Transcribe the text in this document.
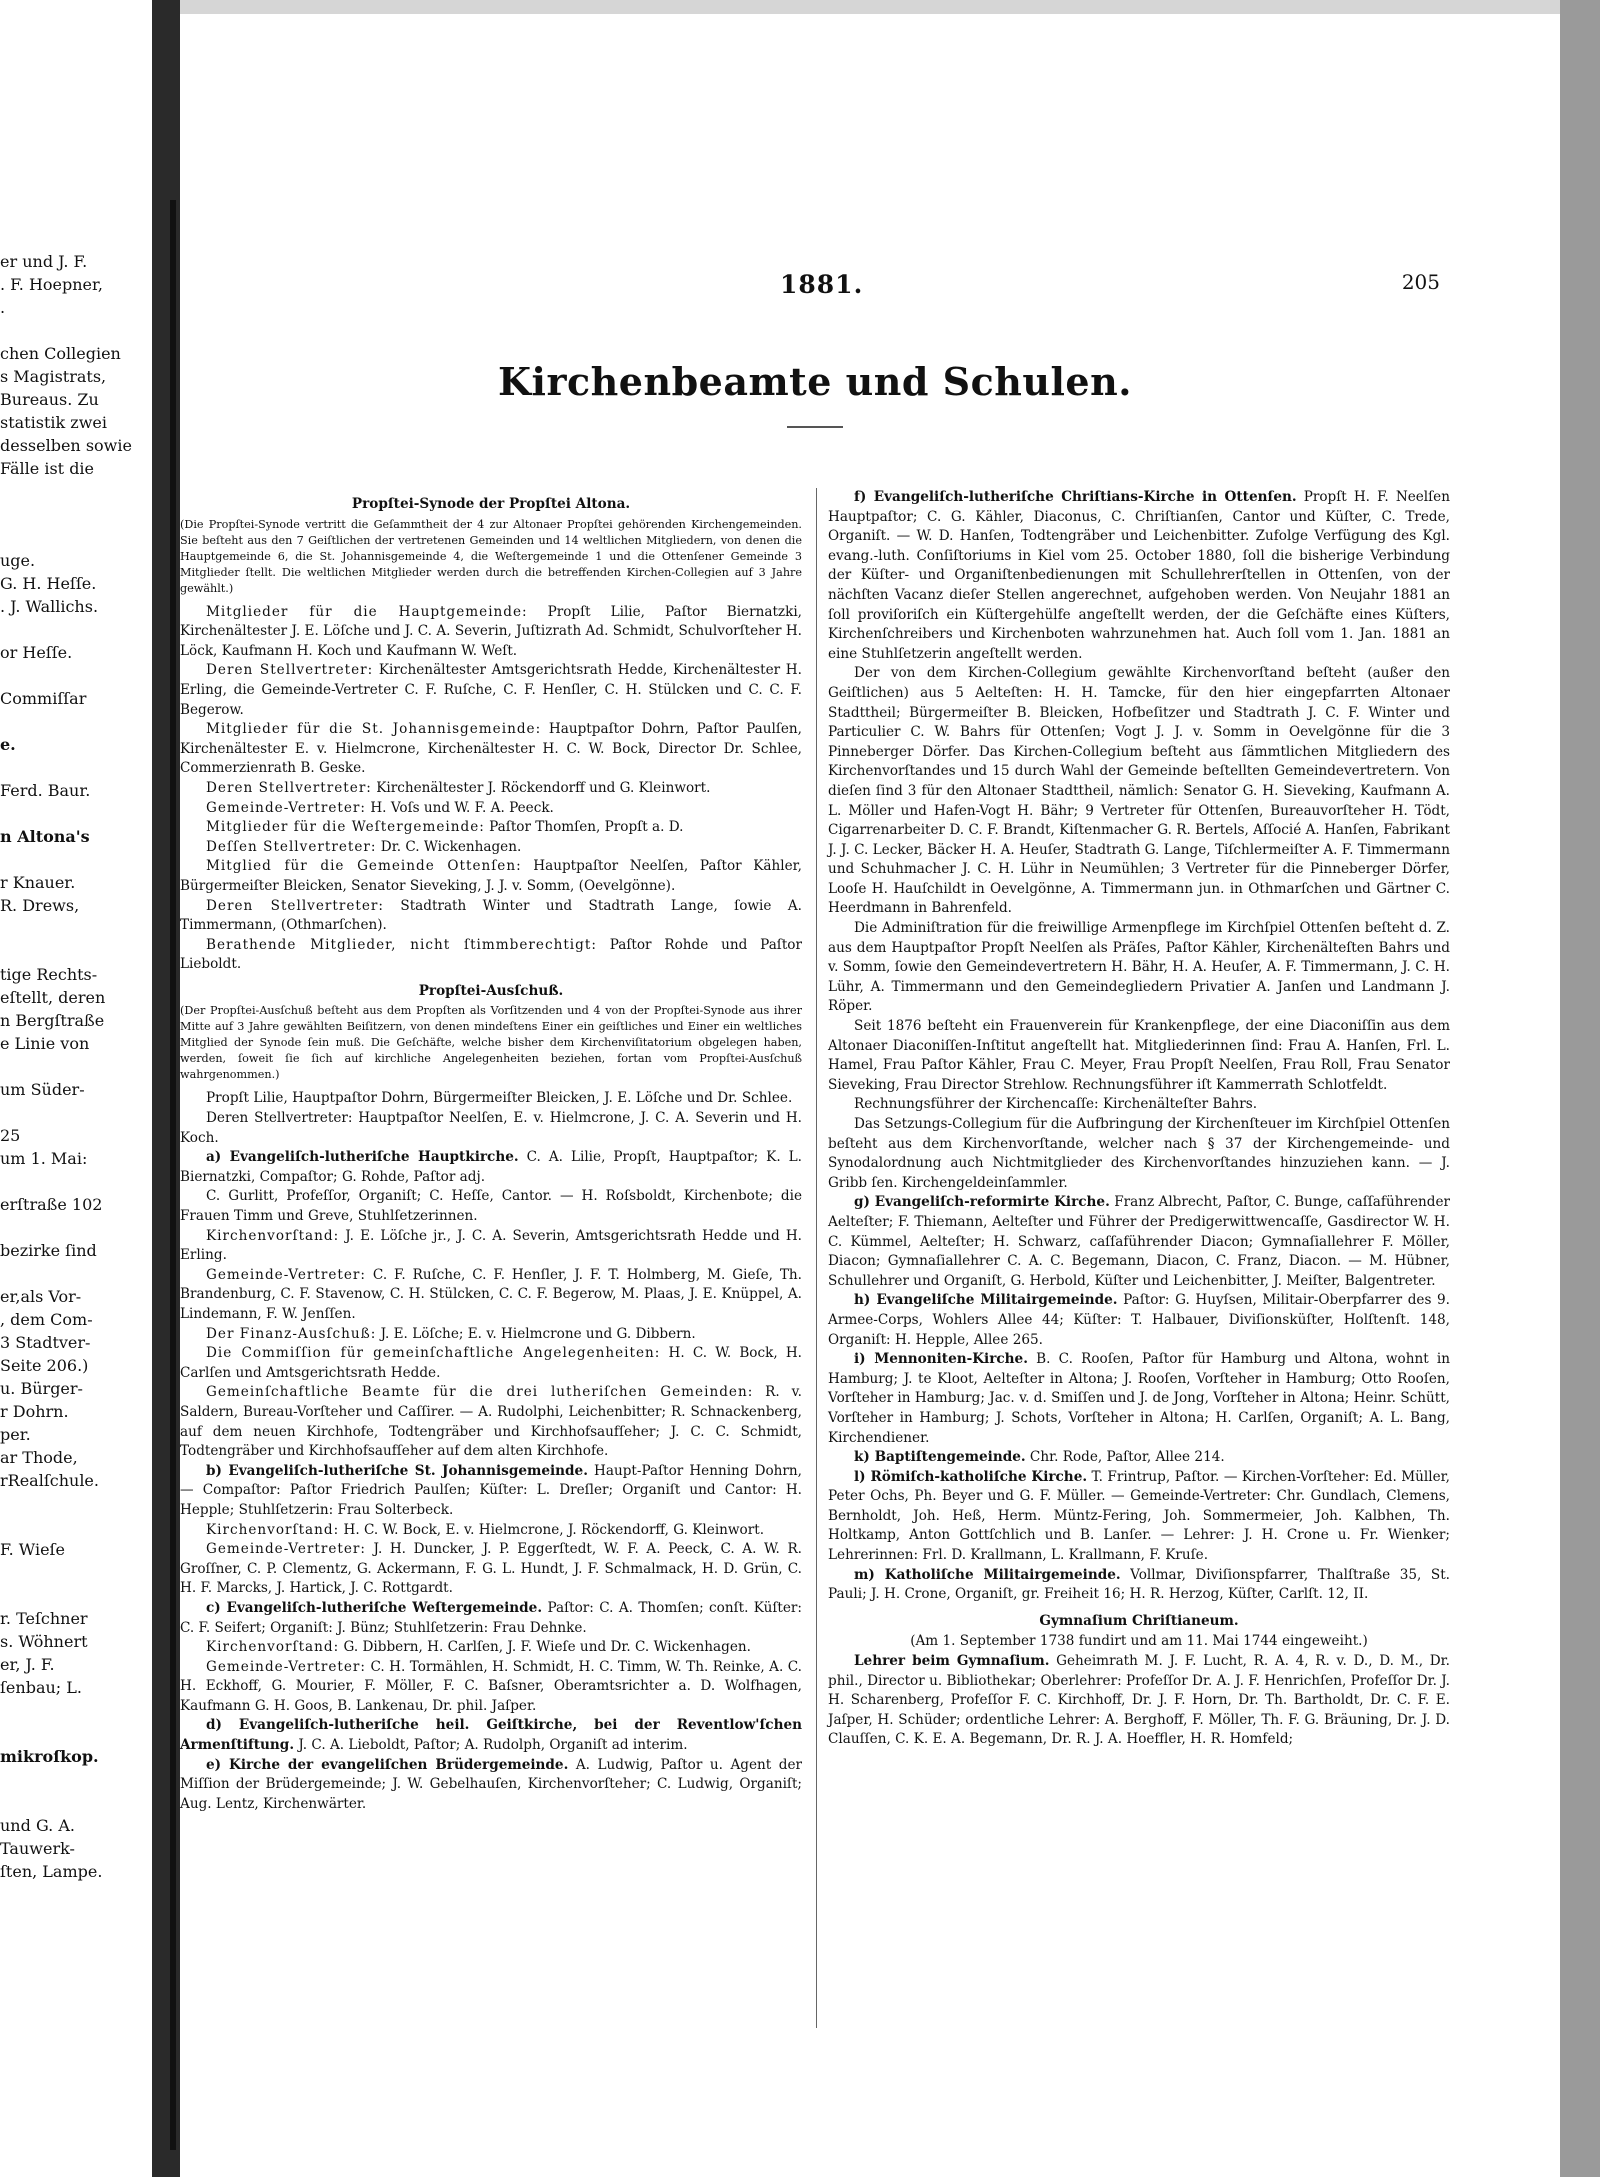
er und J. F.
. F. Hoepner,
.

chen Collegien
s Magistrats,
Bureaus. Zu
statistik zwei
desselben sowie
Fälle ist die

uge.
G. H. Heſſe.
. J. Wallichs.

or Heſſe.

Commiſſar

e.

Ferd. Baur.

n Altona's

r Knauer.
R. Drews,

tige Rechts-
eſtellt, deren
n Bergſtraße
e Linie von

um Süder-

25
um 1. Mai:

erſtraße 102

bezirke ſind

er,als Vor-
, dem Com-
3 Stadtver-
Seite 206.)
u. Bürger-
r Dohrn.
per.
ar Thode,
rRealſchule.

F. Wieſe

r. Teſchner
s. Wöhnert
er, J. F.
ſenbau; L.

mikroſkop.

und G. A.
Tauwerk-
ſten, Lampe.
1881.	205
Kirchenbeamte und Schulen.
Propſtei-Synode der Propſtei Altona.
(Die Propſtei-Synode vertritt die Geſammtheit der 4 zur Altonaer Propſtei gehörenden Kirchengemeinden. Sie beſteht aus den 7 Geiſtlichen der vertretenen Gemeinden und 14 weltlichen Mitgliedern, von denen die Hauptgemeinde 6, die St. Johannisgemeinde 4, die Weſtergemeinde 1 und die Ottenſener Gemeinde 3 Mitglieder ſtellt. Die weltlichen Mitglieder werden durch die betreffenden Kirchen-Collegien auf 3 Jahre gewählt.)

Mitglieder für die Hauptgemeinde: Propſt Lilie, Paſtor Biernatzki, Kirchenältester J. E. Löſche und J. C. A. Severin, Juſtizrath Ad. Schmidt, Schulvorſteher H. Löck, Kaufmann H. Koch und Kaufmann W. Weſt.

Deren Stellvertreter: Kirchenältester Amtsgerichtsrath Hedde, Kirchenältester H. Erling, die Gemeinde-Vertreter C. F. Ruſche, C. F. Henſler, C. H. Stülcken und C. C. F. Begerow.

Mitglieder für die St. Johannisgemeinde: Hauptpaſtor Dohrn, Paſtor Paulſen, Kirchenältester E. v. Hielmcrone, Kirchenältester H. C. W. Bock, Director Dr. Schlee, Commerzienrath B. Geske.

Deren Stellvertreter: Kirchenältester J. Röckendorff und G. Kleinwort.

Gemeinde-Vertreter: H. Voſs und W. F. A. Peeck.

Mitglieder für die Weſtergemeinde: Paſtor Thomſen, Propſt a. D.

Deſſen Stellvertreter: Dr. C. Wickenhagen.

Mitglied für die Gemeinde Ottenſen: Hauptpaſtor Neelſen, Paſtor Kähler, Bürgermeiſter Bleicken, Senator Sieveking, J. J. v. Somm, (Oevelgönne).

Deren Stellvertreter: Stadtrath Winter und Stadtrath Lange, ſowie A. Timmermann, (Othmarſchen).

Berathende Mitglieder, nicht ſtimmberechtigt: Paſtor Rohde und Paſtor Lieboldt.

Propſtei-Ausſchuß.
(Der Propſtei-Ausſchuß beſteht aus dem Propſten als Vorſitzenden und 4 von der Propſtei-Synode aus ihrer Mitte auf 3 Jahre gewählten Beiſitzern, von denen mindeſtens Einer ein geiſtliches und Einer ein weltliches Mitglied der Synode ſein muß. Die Geſchäfte, welche bisher dem Kirchenviſitatorium obgelegen haben, werden, ſoweit ſie ſich auf kirchliche Angelegenheiten beziehen, fortan vom Propſtei-Ausſchuß wahrgenommen.)

Propſt Lilie, Hauptpaſtor Dohrn, Bürgermeiſter Bleicken, J. E. Löſche und Dr. Schlee.

Deren Stellvertreter: Hauptpaſtor Neelſen, E. v. Hielmcrone, J. C. A. Severin und H. Koch.

a) Evangeliſch-lutheriſche Hauptkirche. C. A. Lilie, Propſt, Hauptpaſtor; K. L. Biernatzki, Compaſtor; G. Rohde, Paſtor adj.

C. Gurlitt, Profeſſor, Organiſt; C. Heſſe, Cantor. — H. Roſsboldt, Kirchenbote; die Frauen Timm und Greve, Stuhlſetzerinnen.

Kirchenvorſtand: J. E. Löſche jr., J. C. A. Severin, Amtsgerichtsrath Hedde und H. Erling.

Gemeinde-Vertreter: C. F. Ruſche, C. F. Henſler, J. F. T. Holmberg, M. Gieſe, Th. Brandenburg, C. F. Stavenow, C. H. Stülcken, C. C. F. Begerow, M. Plaas, J. E. Knüppel, A. Lindemann, F. W. Jenſſen.

Der Finanz-Ausſchuß: J. E. Löſche; E. v. Hielmcrone und G. Dibbern.

Die Commiſſion für gemeinſchaftliche Angelegenheiten: H. C. W. Bock, H. Carlſen und Amtsgerichtsrath Hedde.

Gemeinſchaftliche Beamte für die drei lutheriſchen Gemeinden: R. v. Saldern, Bureau-Vorſteher und Caſſirer. — A. Rudolphi, Leichenbitter; R. Schnackenberg, auf dem neuen Kirchhofe, Todtengräber und Kirchhofsaufſeher; J. C. C. Schmidt, Todtengräber und Kirchhofsaufſeher auf dem alten Kirchhofe.

b) Evangeliſch-lutheriſche St. Johannisgemeinde. Haupt-Paſtor Henning Dohrn, — Compaſtor: Paſtor Friedrich Paulſen; Küſter: L. Dreſler; Organiſt und Cantor: H. Hepple; Stuhlſetzerin: Frau Solterbeck.

Kirchenvorſtand: H. C. W. Bock, E. v. Hielmcrone, J. Röckendorff, G. Kleinwort.

Gemeinde-Vertreter: J. H. Duncker, J. P. Eggerſtedt, W. F. A. Peeck, C. A. W. R. Groſſner, C. P. Clementz, G. Ackermann, F. G. L. Hundt, J. F. Schmalmack, H. D. Grün, C. H. F. Marcks, J. Hartick, J. C. Rottgardt.

c) Evangeliſch-lutheriſche Weſtergemeinde. Paſtor: C. A. Thomſen; conſt. Küſter: C. F. Seifert; Organiſt: J. Bünz; Stuhlſetzerin: Frau Dehnke.

Kirchenvorſtand: G. Dibbern, H. Carlſen, J. F. Wieſe und Dr. C. Wickenhagen.

Gemeinde-Vertreter: C. H. Tormählen, H. Schmidt, H. C. Timm, W. Th. Reinke, A. C. H. Eckhoff, G. Mourier, F. Möller, F. C. Baſsner, Oberamtsrichter a. D. Wolfhagen, Kaufmann G. H. Goos, B. Lankenau, Dr. phil. Jaſper.

d) Evangeliſch-lutheriſche heil. Geiſtkirche, bei der Reventlow'ſchen Armenſtiftung. J. C. A. Lieboldt, Paſtor; A. Rudolph, Organiſt ad interim.

e) Kirche der evangeliſchen Brüdergemeinde. A. Ludwig, Paſtor u. Agent der Miſſion der Brüdergemeinde; J. W. Gebelhauſen, Kirchenvorſteher; C. Ludwig, Organiſt; Aug. Lentz, Kirchenwärter.

f) Evangeliſch-lutheriſche Chriſtians-Kirche in Ottenſen. Propſt H. F. Neelſen Hauptpaſtor; C. G. Kähler, Diaconus, C. Chriſtianſen, Cantor und Küſter, C. Trede, Organiſt. — W. D. Hanſen, Todtengräber und Leichenbitter. Zufolge Verfügung des Kgl. evang.-luth. Conſiſtoriums in Kiel vom 25. October 1880, ſoll die bisherige Verbindung der Küſter- und Organiſtenbedienungen mit Schullehrerſtellen in Ottenſen, von der nächſten Vacanz dieſer Stellen angerechnet, aufgehoben werden. Von Neujahr 1881 an ſoll proviſoriſch ein Küſtergehülfe angeſtellt werden, der die Geſchäfte eines Küſters, Kirchenſchreibers und Kirchenboten wahrzunehmen hat. Auch ſoll vom 1. Jan. 1881 an eine Stuhlſetzerin angeſtellt werden.

Der von dem Kirchen-Collegium gewählte Kirchenvorſtand beſteht (außer den Geiſtlichen) aus 5 Aelteſten: H. H. Tamcke, für den hier eingepfarrten Altonaer Stadttheil; Bürgermeiſter B. Bleicken, Hofbeſitzer und Stadtrath J. C. F. Winter und Particulier C. W. Bahrs für Ottenſen; Vogt J. J. v. Somm in Oevelgönne für die 3 Pinneberger Dörfer. Das Kirchen-Collegium beſteht aus ſämmtlichen Mitgliedern des Kirchenvorſtandes und 15 durch Wahl der Gemeinde beſtellten Gemeindevertretern. Von dieſen ſind 3 für den Altonaer Stadttheil, nämlich: Senator G. H. Sieveking, Kaufmann A. L. Möller und Hafen-Vogt H. Bähr; 9 Vertreter für Ottenſen, Bureauvorſteher H. Tödt, Cigarrenarbeiter D. C. F. Brandt, Kiſtenmacher G. R. Bertels, Aſſocié A. Hanſen, Fabrikant J. J. C. Lecker, Bäcker H. A. Heuſer, Stadtrath G. Lange, Tiſchlermeiſter A. F. Timmermann und Schuhmacher J. C. H. Lühr in Neumühlen; 3 Vertreter für die Pinneberger Dörfer, Looſe H. Hauſchildt in Oevelgönne, A. Timmermann jun. in Othmarſchen und Gärtner C. Heerdmann in Bahrenfeld.

Die Adminiſtration für die freiwillige Armenpflege im Kirchſpiel Ottenſen beſteht d. Z. aus dem Hauptpaſtor Propſt Neelſen als Präſes, Paſtor Kähler, Kirchenälteſten Bahrs und v. Somm, ſowie den Gemeindevertretern H. Bähr, H. A. Heuſer, A. F. Timmermann, J. C. H. Lühr, A. Timmermann und den Gemeindegliedern Privatier A. Janſen und Landmann J. Röper.

Seit 1876 beſteht ein Frauenverein für Krankenpflege, der eine Diaconiſſin aus dem Altonaer Diaconiſſen-Inſtitut angeſtellt hat. Mitgliederinnen ſind: Frau A. Hanſen, Frl. L. Hamel, Frau Paſtor Kähler, Frau C. Meyer, Frau Propſt Neelſen, Frau Roll, Frau Senator Sieveking, Frau Director Strehlow. Rechnungsführer iſt Kammerrath Schlotfeldt.

Rechnungsführer der Kirchencaſſe: Kirchenälteſter Bahrs.

Das Setzungs-Collegium für die Aufbringung der Kirchenſteuer im Kirchſpiel Ottenſen beſteht aus dem Kirchenvorſtande, welcher nach § 37 der Kirchengemeinde- und Synodalordnung auch Nichtmitglieder des Kirchenvorſtandes hinzuziehen kann. — J. Gribb ſen. Kirchengeldeinſammler.

g) Evangeliſch-reformirte Kirche. Franz Albrecht, Paſtor, C. Bunge, caſſaführender Aelteſter; F. Thiemann, Aelteſter und Führer der Predigerwittwencaſſe, Gasdirector W. H. C. Kümmel, Aelteſter; H. Schwarz, caſſaführender Diacon; Gymnaſiallehrer F. Möller, Diacon; Gymnaſiallehrer C. A. C. Begemann, Diacon, C. Franz, Diacon. — M. Hübner, Schullehrer und Organiſt, G. Herbold, Küſter und Leichenbitter, J. Meiſter, Balgentreter.

h) Evangeliſche Militairgemeinde. Paſtor: G. Huyſsen, Militair-Oberpfarrer des 9. Armee-Corps, Wohlers Allee 44; Küſter: T. Halbauer, Diviſionsküſter, Holſtenſt. 148, Organiſt: H. Hepple, Allee 265.

i) Mennoniten-Kirche. B. C. Rooſen, Paſtor für Hamburg und Altona, wohnt in Hamburg; J. te Kloot, Aelteſter in Altona; J. Rooſen, Vorſteher in Hamburg; Otto Rooſen, Vorſteher in Hamburg; Jac. v. d. Smiſſen und J. de Jong, Vorſteher in Altona; Heinr. Schütt, Vorſteher in Hamburg; J. Schots, Vorſteher in Altona; H. Carlſen, Organiſt; A. L. Bang, Kirchendiener.

k) Baptiſtengemeinde. Chr. Rode, Paſtor, Allee 214.

l) Römiſch-katholiſche Kirche. T. Frintrup, Paſtor. — Kirchen-Vorſteher: Ed. Müller, Peter Ochs, Ph. Beyer und G. F. Müller. — Gemeinde-Vertreter: Chr. Gundlach, Clemens, Bernholdt, Joh. Heß, Herm. Müntz-Fering, Joh. Sommermeier, Joh. Kalbhen, Th. Holtkamp, Anton Gottſchlich und B. Lanſer. — Lehrer: J. H. Crone u. Fr. Wienker; Lehrerinnen: Frl. D. Krallmann, L. Krallmann, F. Kruſe.

m) Katholiſche Militairgemeinde. Vollmar, Diviſionspfarrer, Thalſtraße 35, St. Pauli; J. H. Crone, Organiſt, gr. Freiheit 16; H. R. Herzog, Küſter, Carlſt. 12, II.

Gymnaſium Chriſtianeum.
(Am 1. September 1738 fundirt und am 11. Mai 1744 eingeweiht.)

Lehrer beim Gymnaſium. Geheimrath M. J. F. Lucht, R. A. 4, R. v. D., D. M., Dr. phil., Director u. Bibliothekar; Oberlehrer: Profeſſor Dr. A. J. F. Henrichſen, Profeſſor Dr. J. H. Scharenberg, Profeſſor F. C. Kirchhoff, Dr. J. F. Horn, Dr. Th. Bartholdt, Dr. C. F. E. Jaſper, H. Schüder; ordentliche Lehrer: A. Berghoff, F. Möller, Th. F. G. Bräuning, Dr. J. D. Clauſſen, C. K. E. A. Begemann, Dr. R. J. A. Hoeffler, H. R. Homfeld;
